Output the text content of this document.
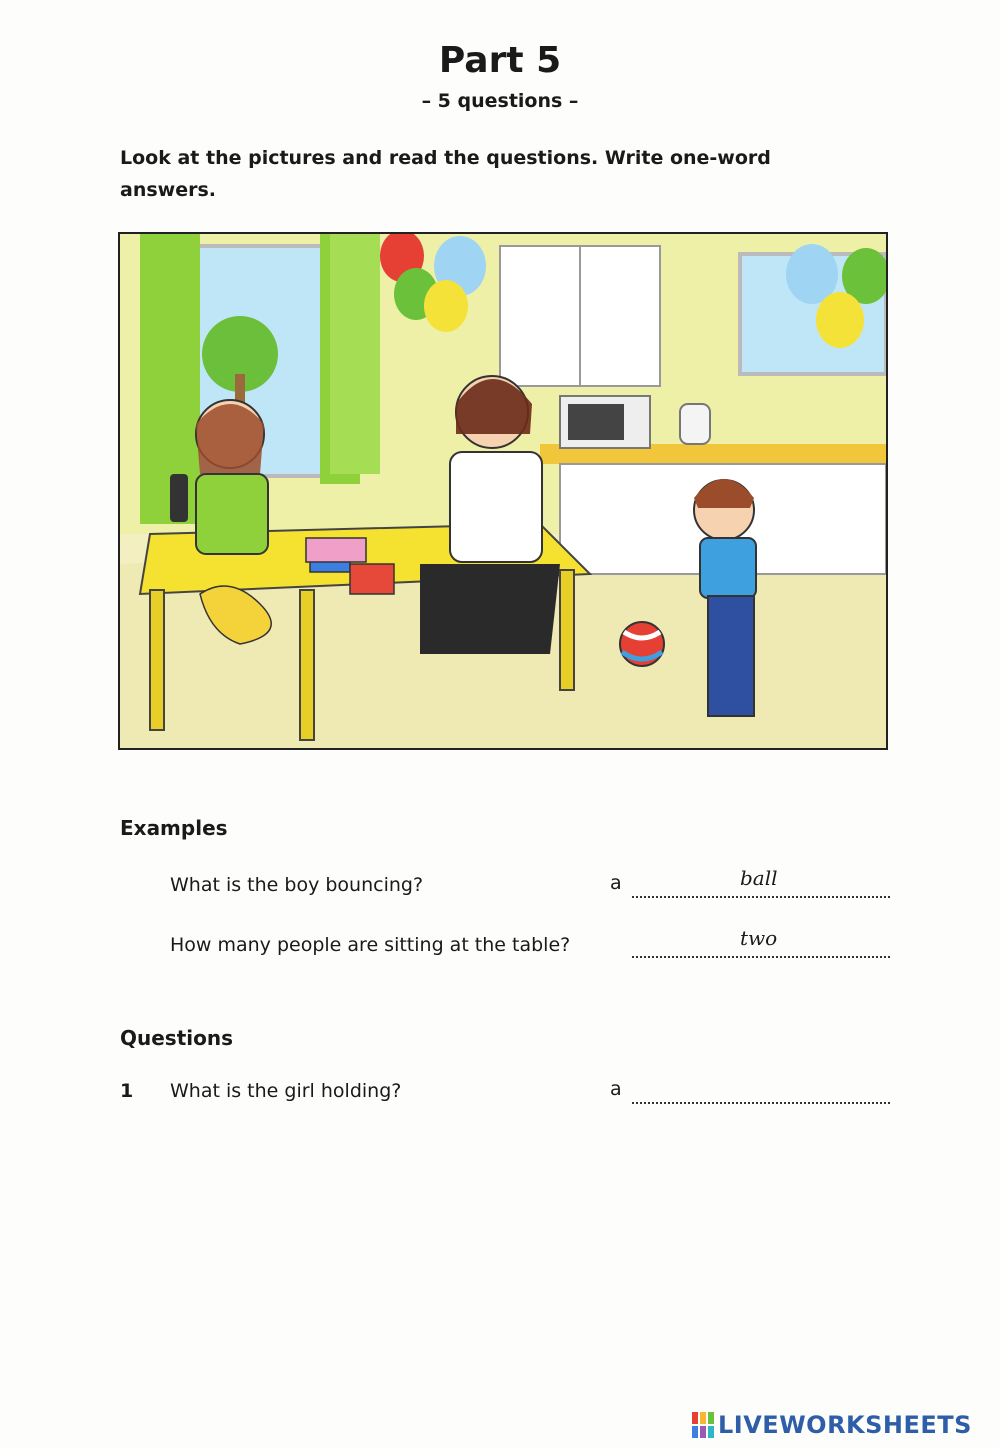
Part 5
– 5 questions –
Look at the pictures and read the questions. Write one-word answers.
Examples
What is the boy bouncing?	a	ball
How many people are sitting at the table?	two
Questions
1 What is the girl holding?	a
LIVEWORKSHEETS
